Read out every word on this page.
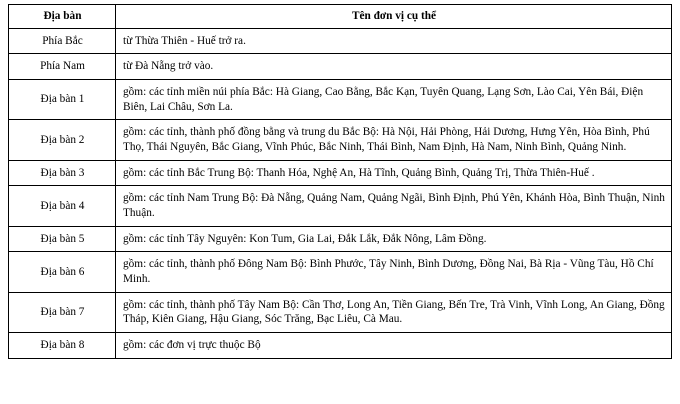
Địa bàn	Tên đơn vị cụ thể
Phía Bắc	từ Thừa Thiên - Huế trở ra.
Phía Nam	từ Đà Nẵng trở vào.
Địa bàn 1	gồm: các tỉnh miền núi phía Bắc: Hà Giang, Cao Bằng, Bắc Kạn, Tuyên Quang, Lạng Sơn, Lào Cai, Yên Bái, Điện Biên, Lai Châu, Sơn La.
Địa bàn 2	gồm: các tỉnh, thành phố đồng bằng và trung du Bắc Bộ: Hà Nội, Hải Phòng, Hải Dương, Hưng Yên, Hòa Bình, Phú Thọ, Thái Nguyên, Bắc Giang, Vĩnh Phúc, Bắc Ninh, Thái Bình, Nam Định, Hà Nam, Ninh Bình, Quảng Ninh.
Địa bàn 3	gồm: các tỉnh Bắc Trung Bộ: Thanh Hóa, Nghệ An, Hà Tĩnh, Quảng Bình, Quảng Trị, Thừa Thiên-Huế .
Địa bàn 4	gồm: các tỉnh Nam Trung Bộ: Đà Nẵng, Quảng Nam, Quảng Ngãi, Bình Định, Phú Yên, Khánh Hòa, Bình Thuận, Ninh Thuận.
Địa bàn 5	gồm: các tỉnh Tây Nguyên: Kon Tum, Gia Lai, Đắk Lắk, Đắk Nông, Lâm Đồng.
Địa bàn 6	gồm: các tỉnh, thành phố Đông Nam Bộ: Bình Phước, Tây Ninh, Bình Dương, Đồng Nai, Bà Rịa - Vũng Tàu, Hồ Chí Minh.
Địa bàn 7	gồm: các tỉnh, thành phố Tây Nam Bộ: Cần Thơ, Long An, Tiền Giang, Bến Tre, Trà Vinh, Vĩnh Long, An Giang, Đồng Tháp, Kiên Giang, Hậu Giang, Sóc Trăng, Bạc Liêu, Cà Mau.
Địa bàn 8	gồm: các đơn vị trực thuộc Bộ
